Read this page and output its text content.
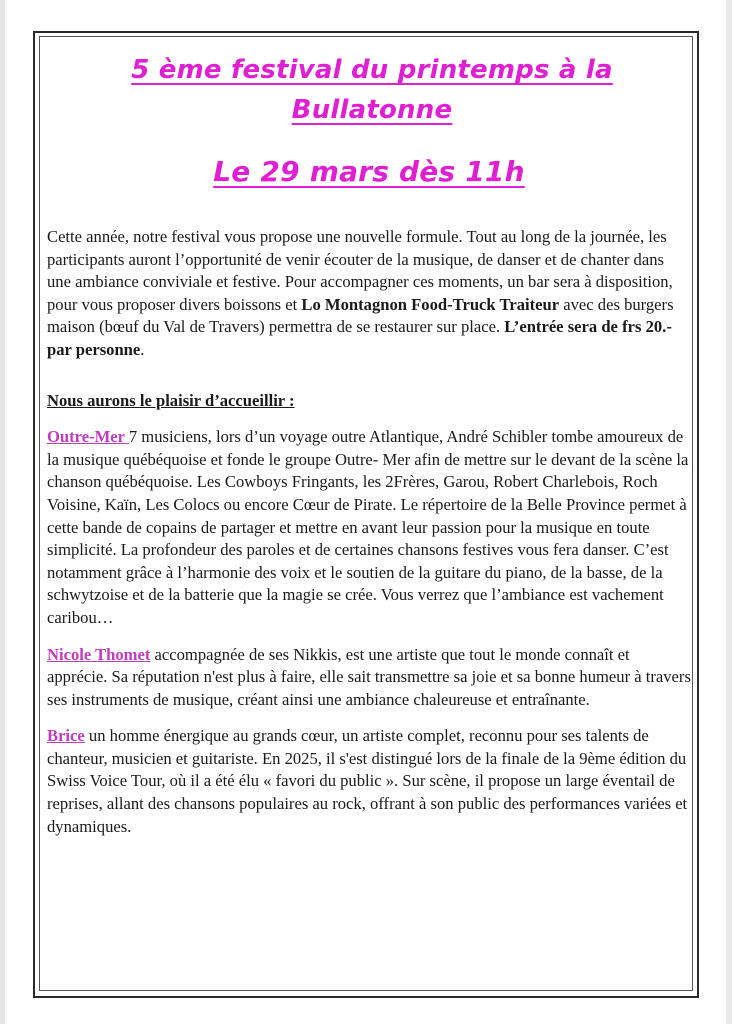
5 ème festival du printemps à la Bullatonne
Le 29 mars dès 11h

Cette année, notre festival vous propose une nouvelle formule. Tout au long de la journée, les participants auront l’opportunité de venir écouter de la musique, de danser et de chanter dans une ambiance conviviale et festive. Pour accompagner ces moments, un bar sera à disposition, pour vous proposer divers boissons et Lo Montagnon Food-Truck Traiteur avec des burgers maison (bœuf du Val de Travers) permettra de se restaurer sur place. L’entrée sera de frs 20.- par personne.

Nous aurons le plaisir d’accueillir :

Outre-Mer 7 musiciens, lors d’un voyage outre Atlantique, André Schibler tombe amoureux de la musique québéquoise et fonde le groupe Outre- Mer afin de mettre sur le devant de la scène la chanson québéquoise. Les Cowboys Fringants, les 2Frères, Garou, Robert Charlebois, Roch Voisine, Kaïn, Les Colocs ou encore Cœur de Pirate. Le répertoire de la Belle Province permet à cette bande de copains de partager et mettre en avant leur passion pour la musique en toute simplicité. La profondeur des paroles et de certaines chansons festives vous fera danser. C’est notamment grâce à l’harmonie des voix et le soutien de la guitare du piano, de la basse, de la schwytzoise et de la batterie que la magie se crée. Vous verrez que l’ambiance est vachement caribou…

Nicole Thomet accompagnée de ses Nikkis, est une artiste que tout le monde connaît et apprécie. Sa réputation n'est plus à faire, elle sait transmettre sa joie et sa bonne humeur à travers ses instruments de musique, créant ainsi une ambiance chaleureuse et entraînante.

Brice un homme énergique au grands cœur, un artiste complet, reconnu pour ses talents de chanteur, musicien et guitariste. En 2025, il s'est distingué lors de la finale de la 9ème édition du Swiss Voice Tour, où il a été élu « favori du public ». Sur scène, il propose un large éventail de reprises, allant des chansons populaires au rock, offrant à son public des performances variées et dynamiques.
